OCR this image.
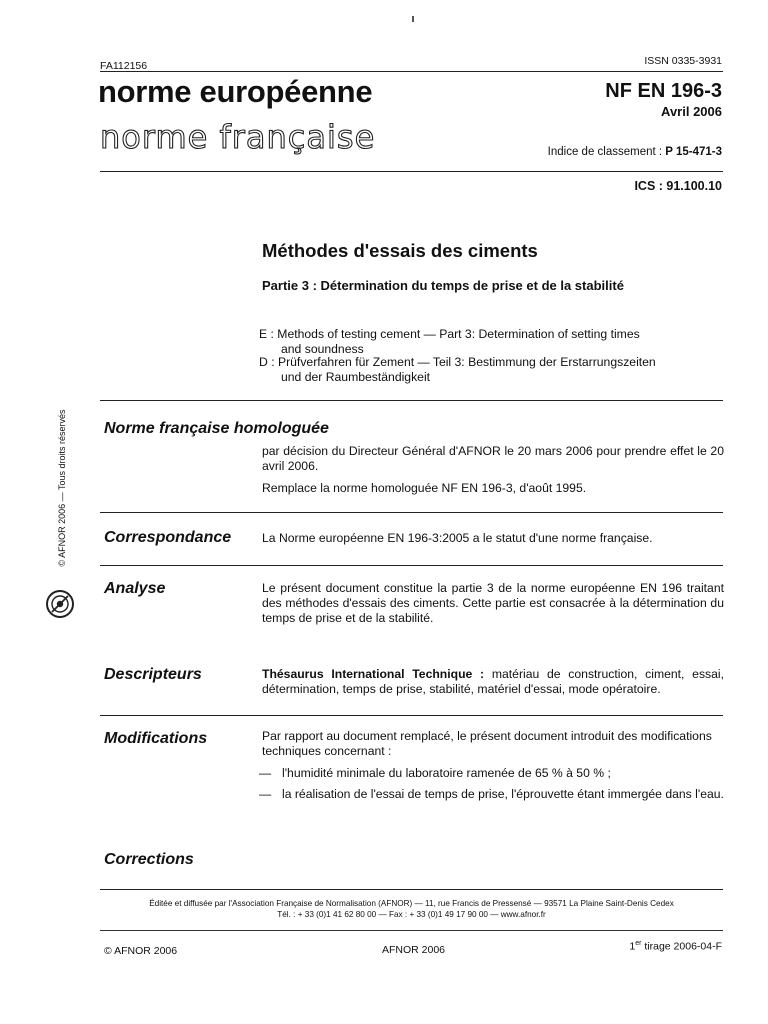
FA112156	ISSN 0335-3931
norme européenne
norme française
NF EN 196-3
Avril 2006
Indice de classement : P 15-471-3
ICS : 91.100.10
Méthodes d'essais des ciments
Partie 3 : Détermination du temps de prise et de la stabilité
E : Methods of testing cement — Part 3: Determination of setting times
and soundness
D : Prüfverfahren für Zement — Teil 3: Bestimmung der Erstarrungszeiten
und der Raumbeständigkeit
Norme française homologuée
par décision du Directeur Général d'AFNOR le 20 mars 2006 pour prendre effet le 20 avril 2006.
Remplace la norme homologuée NF EN 196-3, d'août 1995.
Correspondance	La Norme européenne EN 196-3:2005 a le statut d'une norme française.
Analyse	Le présent document constitue la partie 3 de la norme européenne EN 196 traitant des méthodes d'essais des ciments. Cette partie est consacrée à la détermination du temps de prise et de la stabilité.
Descripteurs	Thésaurus International Technique : matériau de construction, ciment, essai, détermination, temps de prise, stabilité, matériel d'essai, mode opératoire.
Modifications	Par rapport au document remplacé, le présent document introduit des modifications techniques concernant :
— l'humidité minimale du laboratoire ramenée de 65 % à 50 % ;
— la réalisation de l'essai de temps de prise, l'éprouvette étant immergée dans l'eau.
Corrections
Éditée et diffusée par l'Association Française de Normalisation (AFNOR) — 11, rue Francis de Pressensé — 93571 La Plaine Saint-Denis Cedex
Tél. : + 33 (0)1 41 62 80 00 — Fax : + 33 (0)1 49 17 90 00 — www.afnor.fr
© AFNOR 2006	AFNOR 2006	1er tirage 2006-04-F
© AFNOR 2006 — Tous droits réservés
